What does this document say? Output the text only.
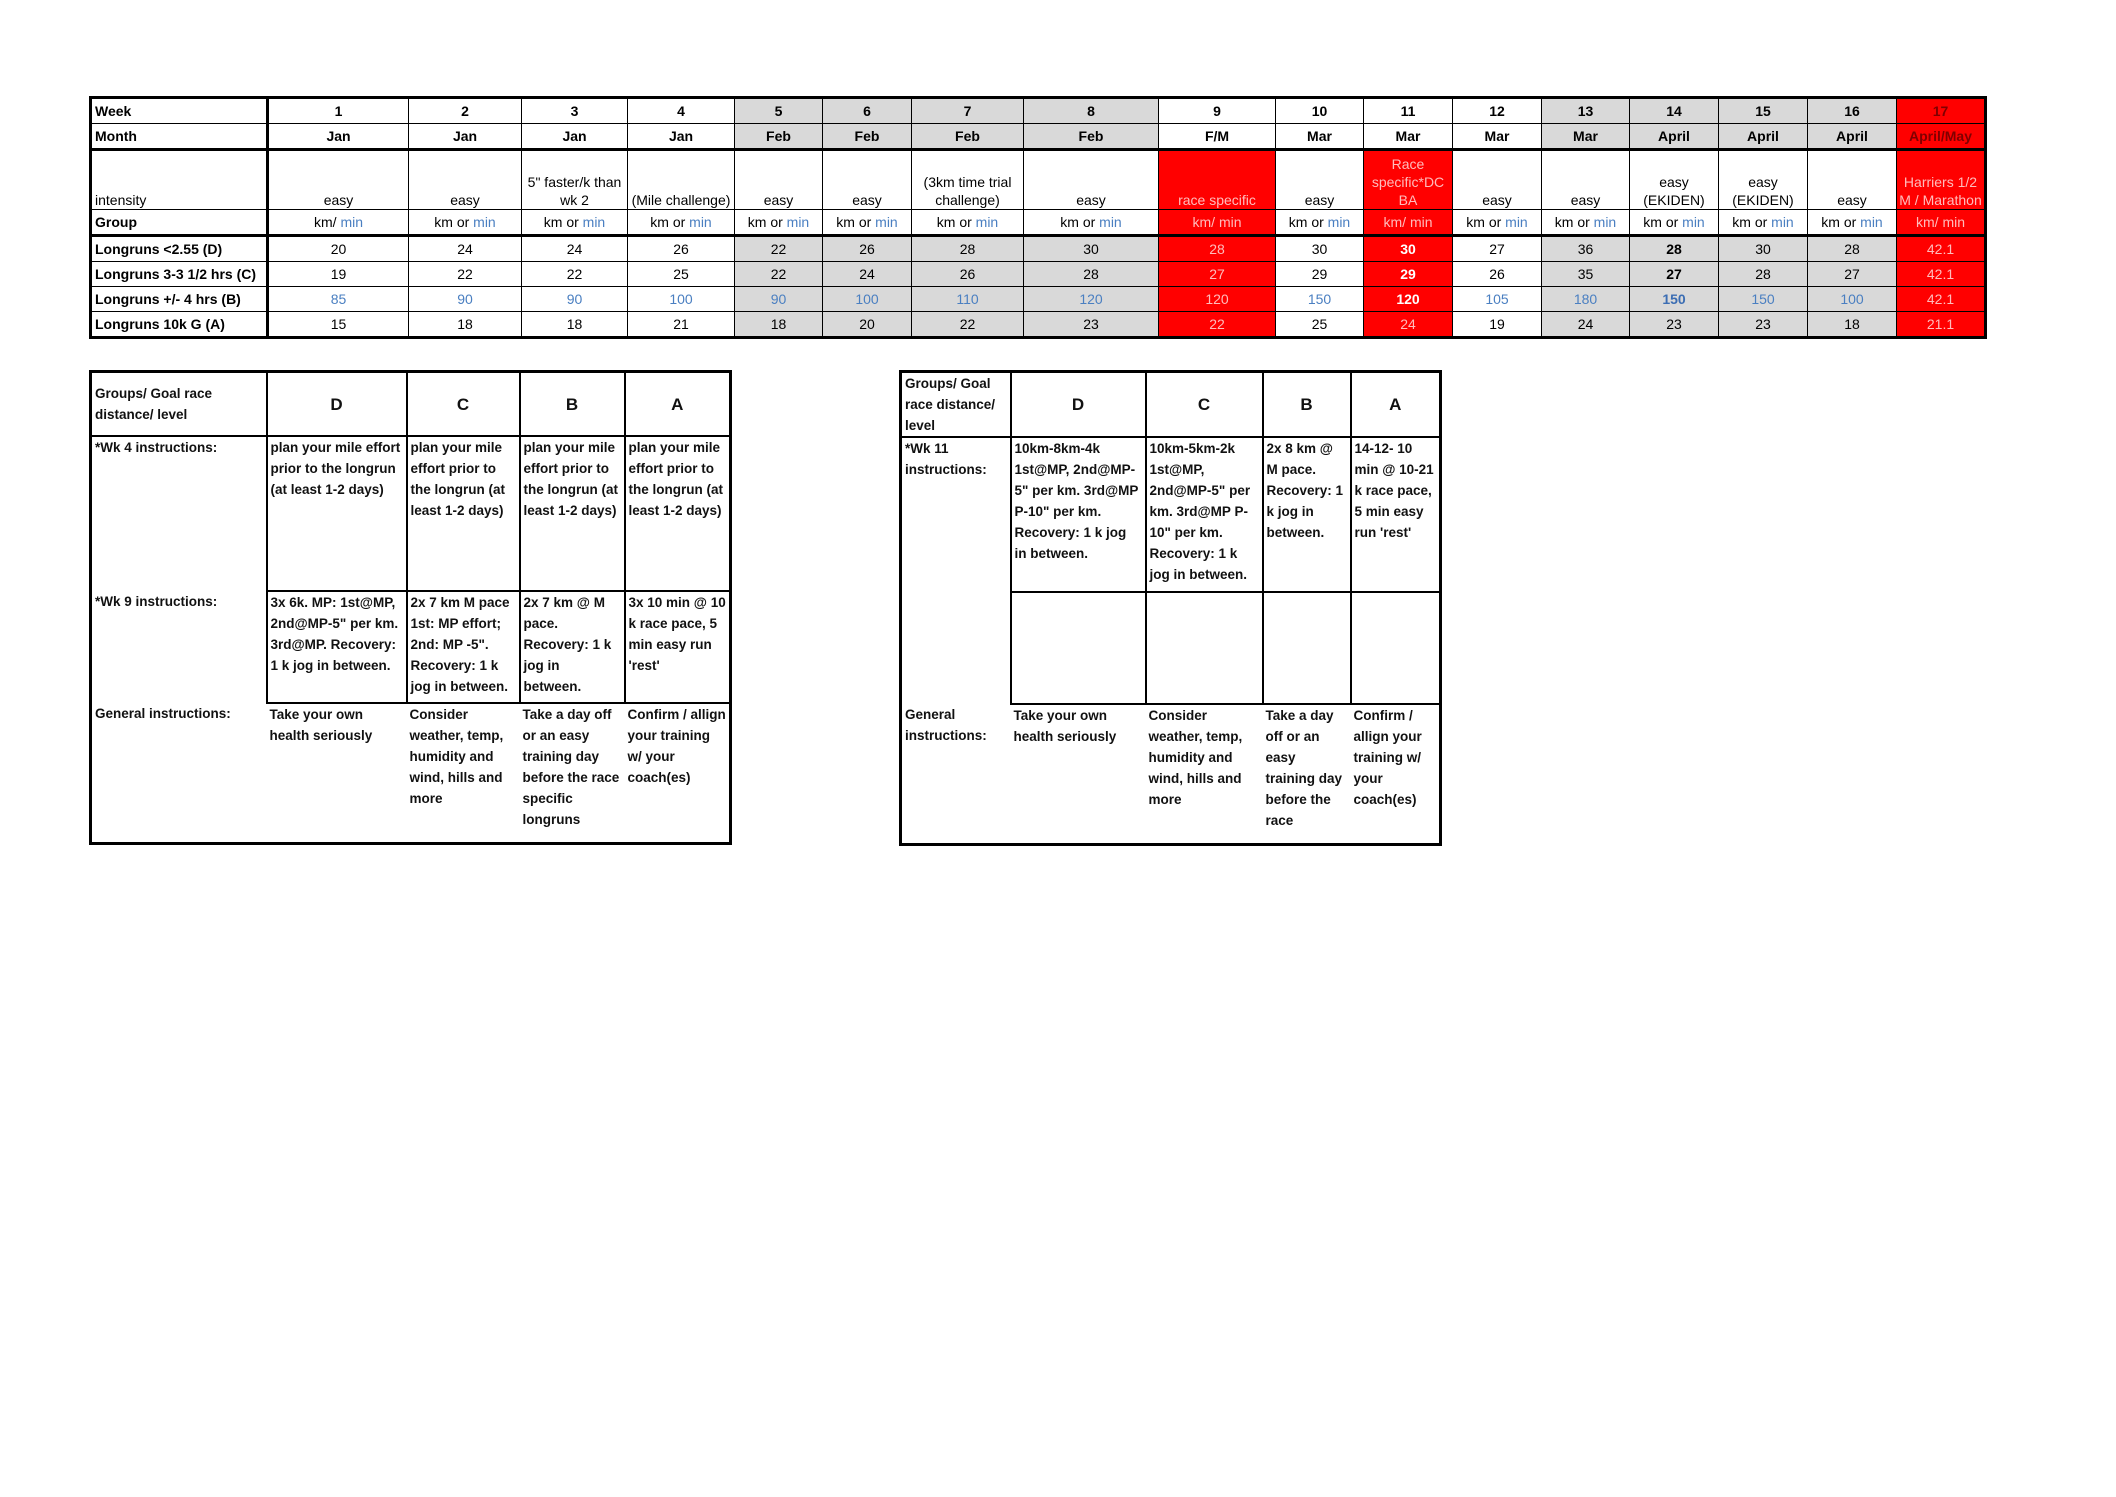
Week	1	2	3	4	5	6	7	8	9	10	11	12	13	14	15	16	17
Month	Jan	Jan	Jan	Jan	Feb	Feb	Feb	Feb	F/M	Mar	Mar	Mar	Mar	April	April	April	April/May
intensity	easy	easy	5" faster/k than wk 2	(Mile challenge)	easy	easy	(3km time trial challenge)	easy	race specific	easy	Race specific*DC BA	easy	easy	easy (EKIDEN)	easy (EKIDEN)	easy	Harriers 1/2 M / Marathon
Group	km/ min	km or min	km or min	km or min	km or min	km or min	km or min	km or min	km/ min	km or min	km/ min	km or min	km or min	km or min	km or min	km or min	km/ min
Longruns <2.55 (D)	20	24	24	26	22	26	28	30	28	30	30	27	36	28	30	28	42.1
Longruns 3-3 1/2 hrs (C)	19	22	22	25	22	24	26	28	27	29	29	26	35	27	28	27	42.1
Longruns +/- 4 hrs (B)	85	90	90	100	90	100	110	120	120	150	120	105	180	150	150	100	42.1
Longruns 10k G (A)	15	18	18	21	18	20	22	23	22	25	24	19	24	23	23	18	21.1
Groups/ Goal race distance/ level	D	C	B	A
*Wk 4 instructions:	plan your mile effort prior to the longrun (at least 1-2 days)	plan your mile effort prior to the longrun (at least 1-2 days)	plan your mile effort prior to the longrun (at least 1-2 days)	plan your mile effort prior to the longrun (at least 1-2 days)
*Wk 9 instructions:	3x 6k. MP: 1st@MP, 2nd@MP-5" per km. 3rd@MP. Recovery: 1 k jog in between.	2x 7 km M pace 1st: MP effort; 2nd: MP -5". Recovery: 1 k jog in between.	2x 7 km @ M pace. Recovery: 1 k jog in between.	3x 10 min @ 10 k race pace, 5 min easy run 'rest'
General instructions:	Take your own health seriously	Consider weather, temp, humidity and wind, hills and more	Take a day off or an easy training day before the race specific longruns	Confirm / allign your training w/ your coach(es)
Groups/ Goal race distance/ level	D	C	B	A
*Wk 11 instructions:	10km-8km-4k 1st@MP, 2nd@MP-5" per km. 3rd@MP P-10" per km. Recovery: 1 k jog in between.	10km-5km-2k 1st@MP, 2nd@MP-5" per km. 3rd@MP P-10" per km. Recovery: 1 k jog in between.	2x 8 km @ M pace. Recovery: 1 k jog in between.	14-12- 10 min @ 10-21 k race pace, 5 min easy run 'rest'

General instructions:	Take your own health seriously	Consider weather, temp, humidity and wind, hills and more	Take a day off or an easy training day before the race	Confirm / allign your training w/ your coach(es)
